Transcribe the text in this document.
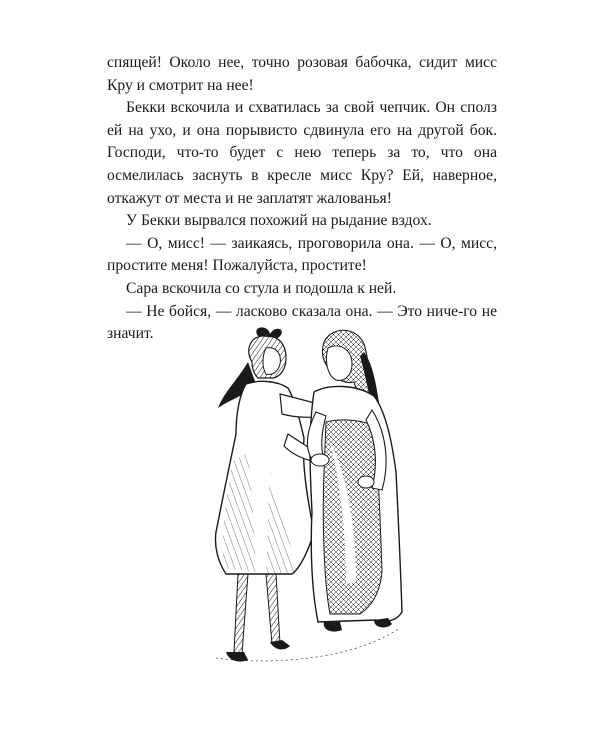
спящей! Около нее, точно розовая бабочка, сидит мисс Кру и смотрит на нее!

Бекки вскочила и схватилась за свой чепчик. Он сполз ей на ухо, и она порывисто сдвинула его на другой бок. Господи, что-то будет с нею теперь за то, что она осмелилась заснуть в кресле мисс Кру? Ей, наверное, откажут от места и не заплатят жалованья!

У Бекки вырвался похожий на рыдание вздох.

— О, мисс! — заикаясь, проговорила она. — О, мисс, простите меня! Пожалуйста, простите!

Сара вскочила со стула и подошла к ней.

— Не бойся, — ласково сказала она. — Это ниче-го не значит.
